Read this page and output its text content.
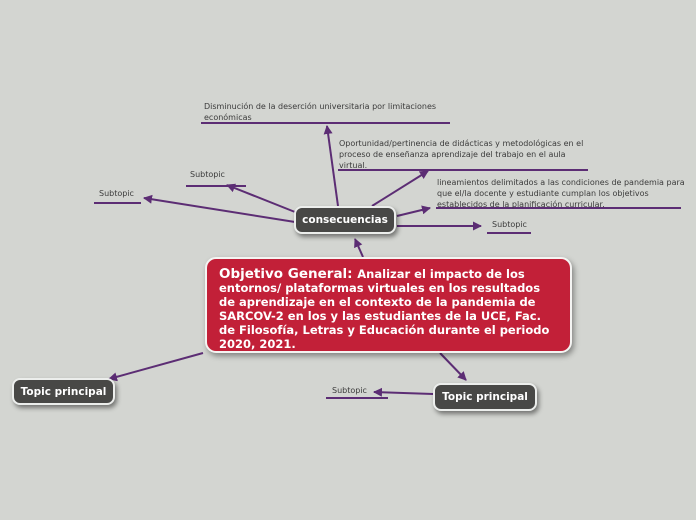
Disminución de la deserción universitaria por limitaciones económicas
Oportunidad/pertinencia de didácticas y metodológicas en el proceso de enseñanza aprendizaje del trabajo en el aula virtual.
lineamientos delimitados a las condiciones de pandemia para que el/la docente y estudiante cumplan los objetivos establecidos de la planificación curricular.
Subtopic
Subtopic
Subtopic
Subtopic
consecuencias
Objetivo General: Analizar el impacto de los entornos/ plataformas virtuales en los resultados de aprendizaje en el contexto de la pandemia de SARCOV-2 en los y las estudiantes de la UCE, Fac. de Filosofía, Letras y Educación durante el periodo 2020, 2021.
Topic principal	Topic principal
